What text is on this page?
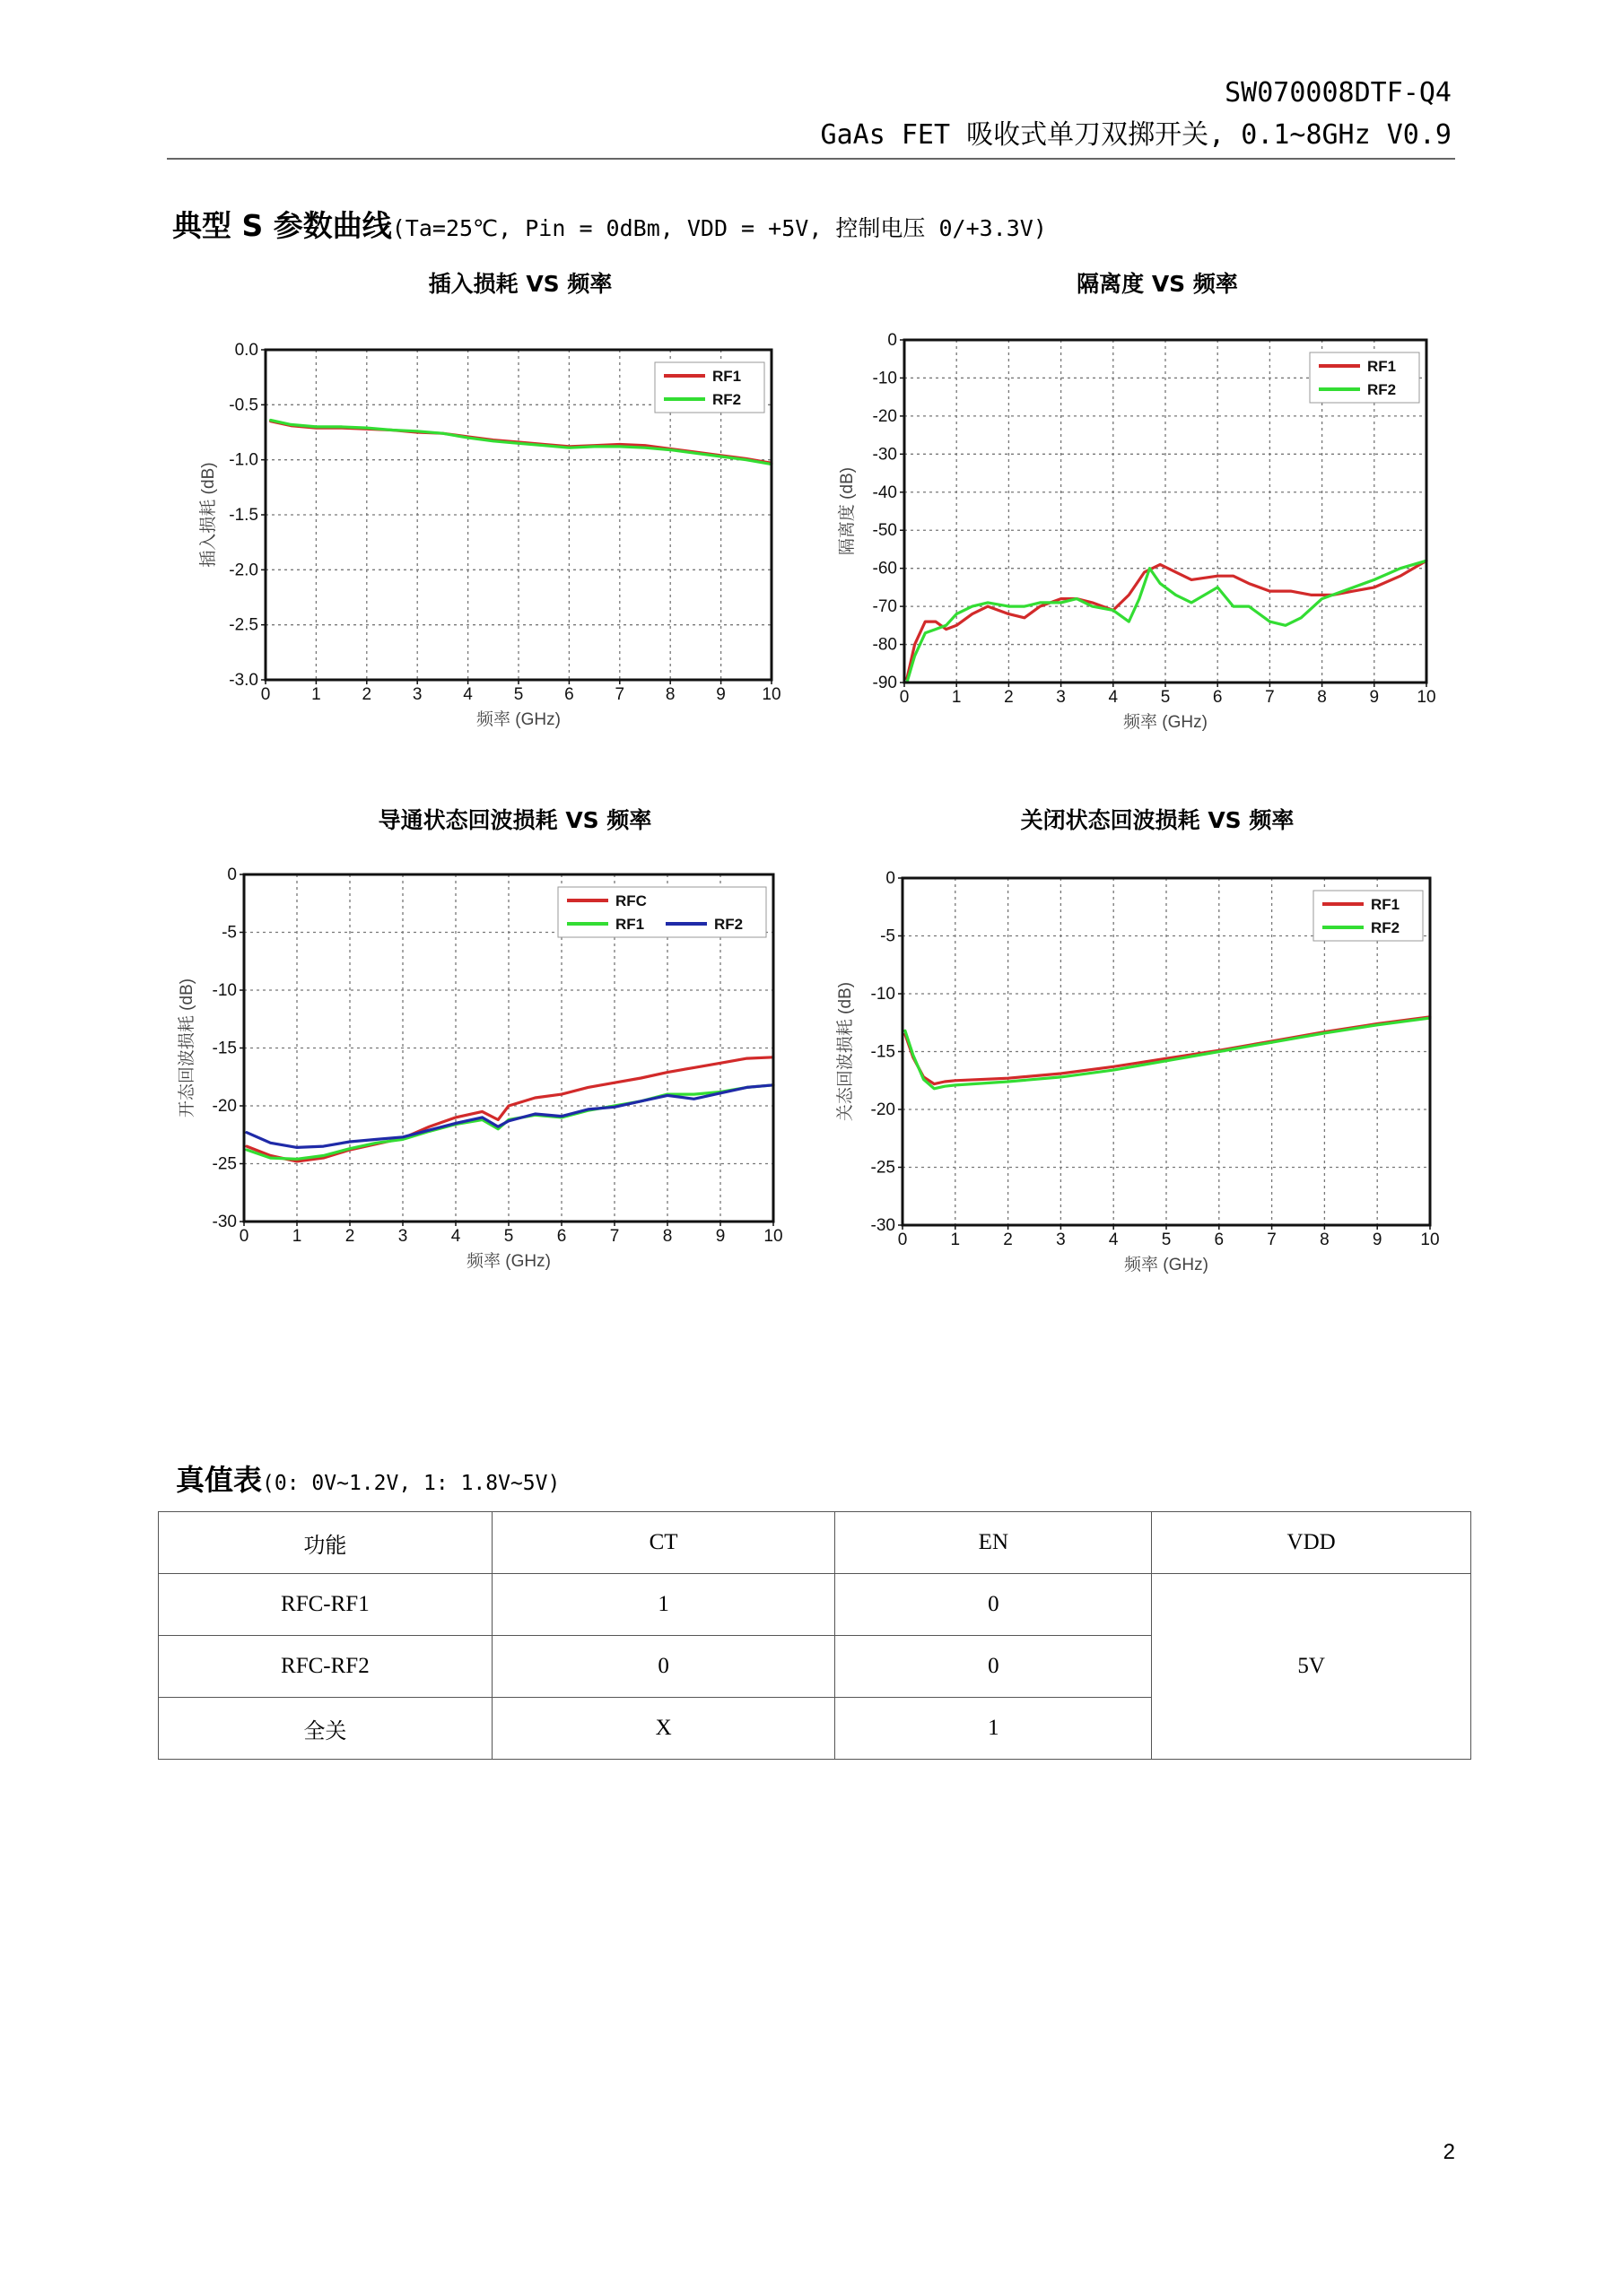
SW070008DTF-Q4
GaAs FET 吸收式单刀双掷开关, 0.1~8GHz V0.9
典型 S 参数曲线(Ta=25℃, Pin = 0dBm, VDD = +5V, 控制电压 0/+3.3V)
插入损耗 VS 频率	隔离度 VS 频率
导通状态回波损耗 VS 频率	关闭状态回波损耗 VS 频率
0 1 2 3 4 5 6 7 8 9 10
0.0
-0.5
-1.0
-1.5
-2.0
-2.5
-3.0
频率 (GHz)
插入损耗 (dB)
RF1
RF2
0	1	2	3	4	5	6	7	8	9 10
0
-10
-20
-30
-40
-50
-60
-70
-80
-90
频率 (GHz)
隔离度 (dB)
RF1
RF2
0	1	2	3	4	5	6	7	8	9 10
0
-5
-10
-15
-20
-25
-30
频率 (GHz)
开态回波损耗 (dB)
RFC
RF1	RF2
0	1	2	3	4	5	6	7	8	9 10
0
-5
-10
-15
-20
-25
-30
频率 (GHz)
关态回波损耗 (dB)
RF1
RF2
真值表(0: 0V~1.2V, 1: 1.8V~5V)
功能	CT	EN	VDD
RFC-RF1	1	0	5V
RFC-RF2	0	0	
全关	X	1	
2
